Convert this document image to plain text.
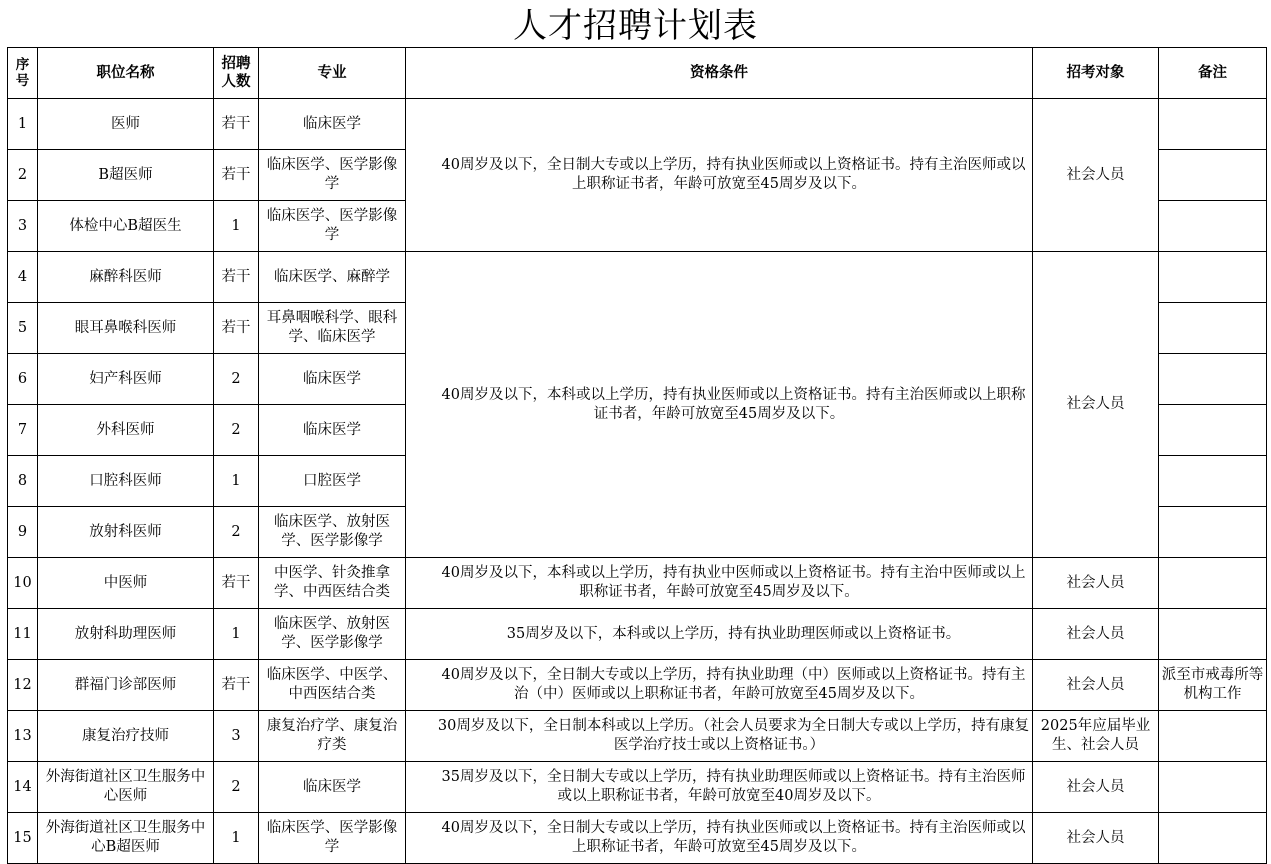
人才招聘计划表
序号	职位名称	招聘人数	专业	资格条件	招考对象	备注
1	医师	若干	临床医学	40周岁及以下，全日制大专或以上学历，持有执业医师或以上资格证书。持有主治医师或以上职称证书者，年龄可放宽至45周岁及以下。	社会人员	
2	B超医师	若干	临床医学、医学影像学			
3	体检中心B超医生	1	临床医学、医学影像学			
4	麻醉科医师	若干	临床医学、麻醉学	40周岁及以下，本科或以上学历，持有执业医师或以上资格证书。持有主治医师或以上职称证书者，年龄可放宽至45周岁及以下。	社会人员	
5	眼耳鼻喉科医师	若干	耳鼻咽喉科学、眼科学、临床医学			
6	妇产科医师	2	临床医学			
7	外科医师	2	临床医学			
8	口腔科医师	1	口腔医学			
9	放射科医师	2	临床医学、放射医学、医学影像学			
10	中医师	若干	中医学、针灸推拿学、中西医结合类	40周岁及以下，本科或以上学历，持有执业中医师或以上资格证书。持有主治中医师或以上职称证书者，年龄可放宽至45周岁及以下。	社会人员	
11	放射科助理医师	1	临床医学、放射医学、医学影像学	35周岁及以下，本科或以上学历，持有执业助理医师或以上资格证书。	社会人员	
12	群福门诊部医师	若干	临床医学、中医学、中西医结合类	40周岁及以下，全日制大专或以上学历，持有执业助理（中）医师或以上资格证书。持有主治（中）医师或以上职称证书者，年龄可放宽至45周岁及以下。	社会人员	派至市戒毒所等机构工作
13	康复治疗技师	3	康复治疗学、康复治疗类	30周岁及以下，全日制本科或以上学历。（社会人员要求为全日制大专或以上学历，持有康复医学治疗技士或以上资格证书。）	2025年应届毕业生、社会人员	
14	外海街道社区卫生服务中心医师	2	临床医学	35周岁及以下，全日制大专或以上学历，持有执业助理医师或以上资格证书。持有主治医师或以上职称证书者，年龄可放宽至40周岁及以下。	社会人员	
15	外海街道社区卫生服务中心B超医师	1	临床医学、医学影像学	40周岁及以下，全日制大专或以上学历，持有执业医师或以上资格证书。持有主治医师或以上职称证书者，年龄可放宽至45周岁及以下。	社会人员	
